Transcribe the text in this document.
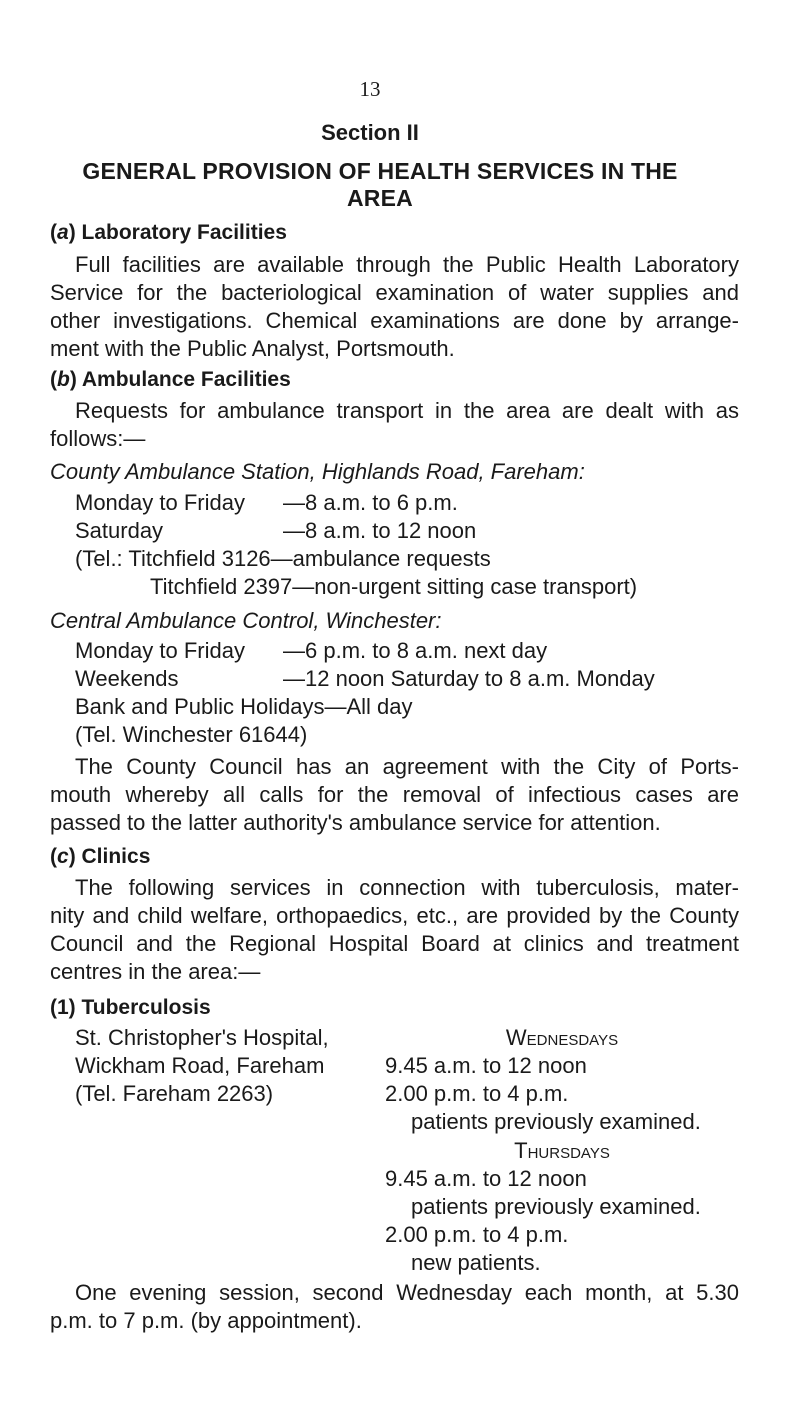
13
Section II
GENERAL PROVISION OF HEALTH SERVICES IN THE
AREA
(a) Laboratory Facilities
Full facilities are available through the Public Health Laboratory
Service for the bacteriological examination of water supplies and
other investigations. Chemical examinations are done by arrange-
ment with the Public Analyst, Portsmouth.
(b) Ambulance Facilities
Requests for ambulance transport in the area are dealt with as
follows:—
County Ambulance Station, Highlands Road, Fareham:
Monday to Friday —8 a.m. to 6 p.m.
Saturday	—8 a.m. to 12 noon
(Tel.: Titchfield 3126—ambulance requests
Titchfield 2397—non-urgent sitting case transport)
Central Ambulance Control, Winchester:
Monday to Friday —6 p.m. to 8 a.m. next day
Weekends	—12 noon Saturday to 8 a.m. Monday
Bank and Public Holidays—All day
(Tel. Winchester 61644)
The County Council has an agreement with the City of Ports-
mouth whereby all calls for the removal of infectious cases are
passed to the latter authority's ambulance service for attention.
(c) Clinics
The following services in connection with tuberculosis, mater-
nity and child welfare, orthopaedics, etc., are provided by the County
Council and the Regional Hospital Board at clinics and treatment
centres in the area:—
(1) Tuberculosis
St. Christopher's Hospital,
Wickham Road, Fareham
(Tel. Fareham 2263)
Wednesdays
9.45 a.m. to 12 noon
2.00 p.m. to 4 p.m.
patients previously examined.
Thursdays
9.45 a.m. to 12 noon
patients previously examined.
2.00 p.m. to 4 p.m.
new patients.
One evening session, second Wednesday each month, at 5.30
p.m. to 7 p.m. (by appointment).
